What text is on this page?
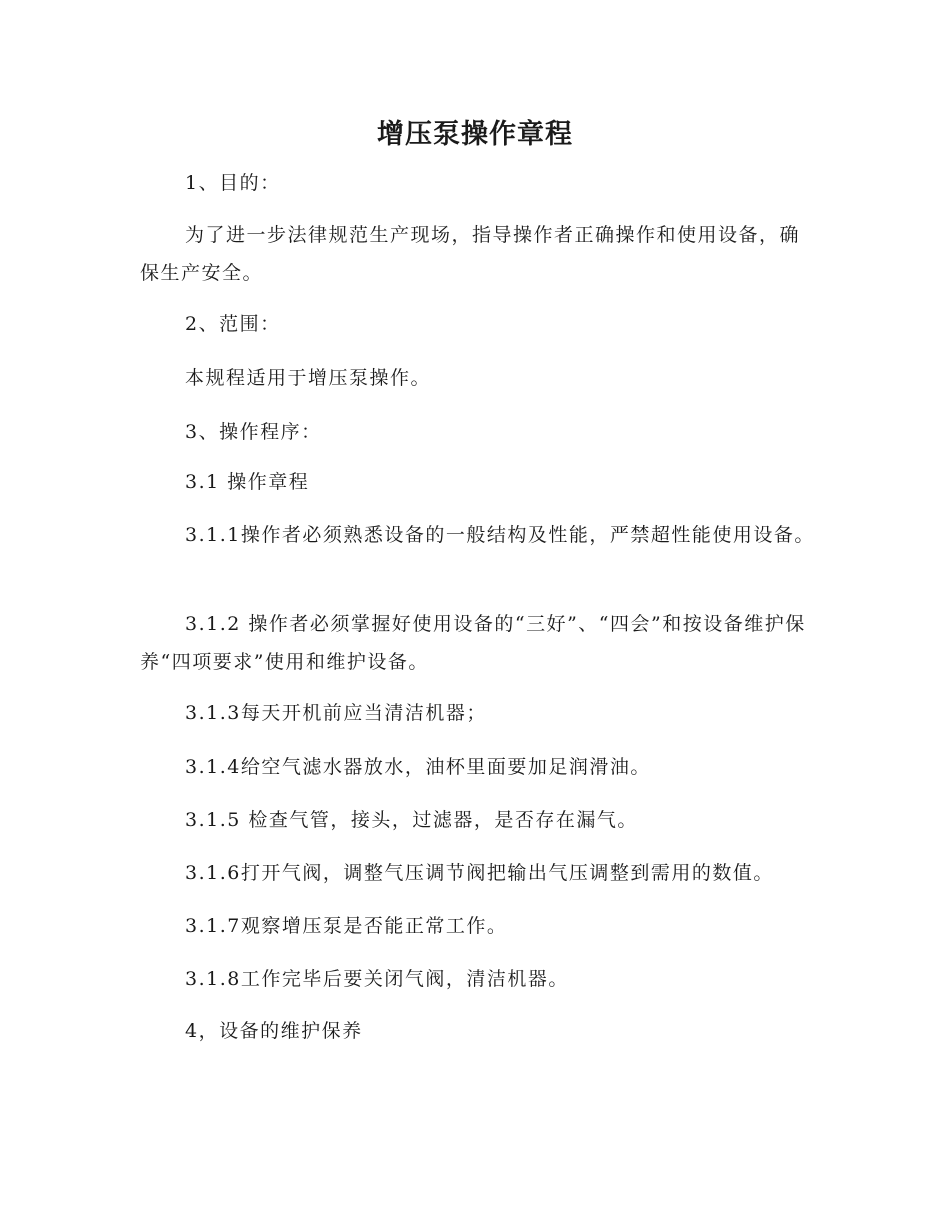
增压泵操作章程

1、目的：

为了进一步法律规范生产现场，指导操作者正确操作和使用设备，确保生产安全。

2、范围：

本规程适用于增压泵操作。

3、操作程序：

3.1 操作章程

3.1.1操作者必须熟悉设备的一般结构及性能，严禁超性能使用设备。

3.1.2 操作者必须掌握好使用设备的“三好”、“四会”和按设备维护保养“四项要求”使用和维护设备。

3.1.3每天开机前应当清洁机器；

3.1.4给空气滤水器放水，油杯里面要加足润滑油。

3.1.5 检查气管，接头，过滤器，是否存在漏气。

3.1.6打开气阀，调整气压调节阀把输出气压调整到需用的数值。

3.1.7观察增压泵是否能正常工作。

3.1.8工作完毕后要关闭气阀，清洁机器。

4，设备的维护保养
